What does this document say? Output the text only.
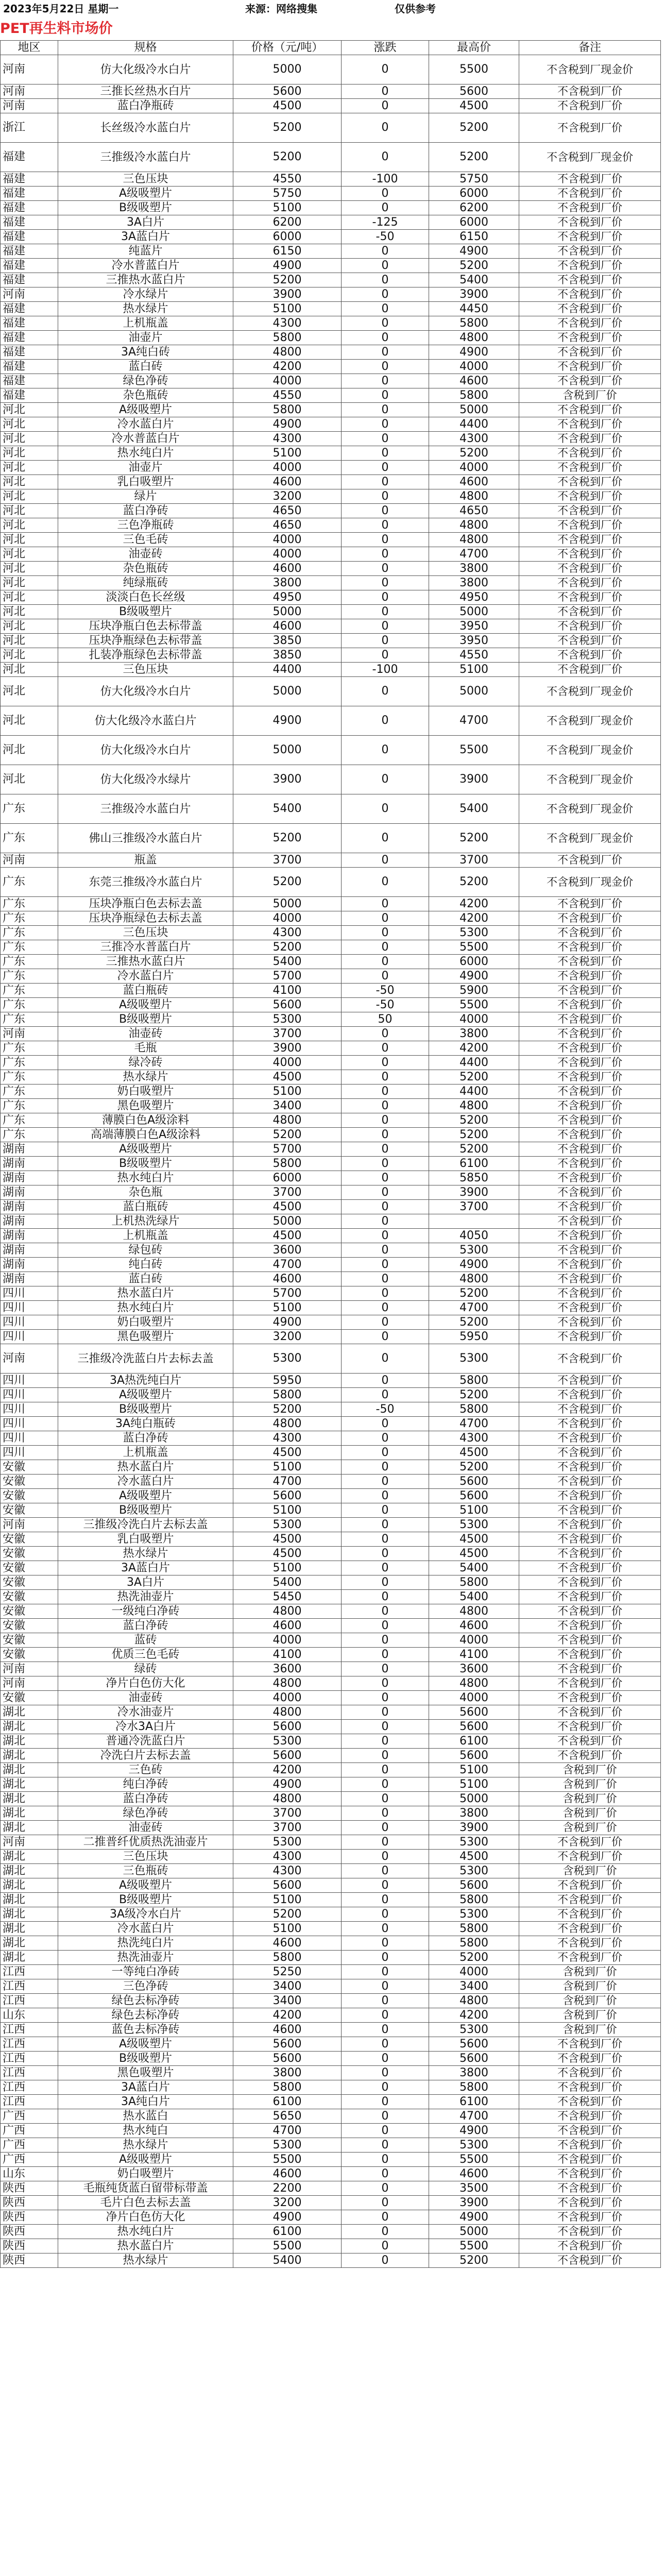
2023年5月22日 星期一	来源：网络搜集	仅供参考
PET再生料市场价
地区	规格	价格（元/吨）	涨跌	最高价	备注
河南	仿大化级冷水白片	5000	0	5500	不含税到厂现金价
河南	三推长丝热水白片	5600	0	5600	不含税到厂价
河南	蓝白净瓶砖	4500	0	4500	不含税到厂价
浙江	长丝级冷水蓝白片	5200	0	5200	不含税到厂价
福建	三推级冷水蓝白片	5200	0	5200	不含税到厂现金价
福建	三色压块	4550	-100	5750	不含税到厂价
福建	A级吸塑片	5750	0	6000	不含税到厂价
福建	B级吸塑片	5100	0	6200	不含税到厂价
福建	3A白片	6200	-125	6000	不含税到厂价
福建	3A蓝白片	6000	-50	6150	不含税到厂价
福建	纯蓝片	6150	0	4900	不含税到厂价
福建	冷水普蓝白片	4900	0	5200	不含税到厂价
福建	三推热水蓝白片	5200	0	5400	不含税到厂价
河南	冷水绿片	3900	0	3900	不含税到厂价
福建	热水绿片	5100	0	4450	不含税到厂价
福建	上机瓶盖	4300	0	5800	不含税到厂价
福建	油壶片	5800	0	4800	不含税到厂价
福建	3A纯白砖	4800	0	4900	不含税到厂价
福建	蓝白砖	4200	0	4000	不含税到厂价
福建	绿色净砖	4000	0	4600	不含税到厂价
福建	杂色瓶砖	4550	0	5800	含税到厂价
河北	A级吸塑片	5800	0	5000	不含税到厂价
河北	冷水蓝白片	4900	0	4400	不含税到厂价
河北	冷水普蓝白片	4300	0	4300	不含税到厂价
河北	热水纯白片	5100	0	5200	不含税到厂价
河北	油壶片	4000	0	4000	不含税到厂价
河北	乳白吸塑片	4600	0	4600	不含税到厂价
河北	绿片	3200	0	4800	不含税到厂价
河北	蓝白净砖	4650	0	4650	不含税到厂价
河北	三色净瓶砖	4650	0	4800	不含税到厂价
河北	三色毛砖	4000	0	4800	不含税到厂价
河北	油壶砖	4000	0	4700	不含税到厂价
河北	杂色瓶砖	4600	0	3800	不含税到厂价
河北	纯绿瓶砖	3800	0	3800	不含税到厂价
河北	淡淡白色长丝级	4950	0	4950	不含税到厂价
河北	B级吸塑片	5000	0	5000	不含税到厂价
河北	压块净瓶白色去标带盖	4600	0	3950	不含税到厂价
河北	压块净瓶绿色去标带盖	3850	0	3950	不含税到厂价
河北	扎装净瓶绿色去标带盖	3850	0	4550	不含税到厂价
河北	三色压块	4400	-100	5100	不含税到厂价
河北	仿大化级冷水白片	5000	0	5000	不含税到厂现金价
河北	仿大化级冷水蓝白片	4900	0	4700	不含税到厂现金价
河北	仿大化级冷水白片	5000	0	5500	不含税到厂现金价
河北	仿大化级冷水绿片	3900	0	3900	不含税到厂现金价
广东	三推级冷水蓝白片	5400	0	5400	不含税到厂现金价
广东	佛山三推级冷水蓝白片	5200	0	5200	不含税到厂现金价
河南	瓶盖	3700	0	3700	不含税到厂价
广东	东莞三推级冷水蓝白片	5200	0	5200	不含税到厂现金价
广东	压块净瓶白色去标去盖	5000	0	4200	不含税到厂价
广东	压块净瓶绿色去标去盖	4000	0	4200	不含税到厂价
广东	三色压块	4300	0	5300	不含税到厂价
广东	三推冷水普蓝白片	5200	0	5500	不含税到厂价
广东	三推热水蓝白片	5400	0	6000	不含税到厂价
广东	冷水蓝白片	5700	0	4900	不含税到厂价
广东	蓝白瓶砖	4100	-50	5900	不含税到厂价
广东	A级吸塑片	5600	-50	5500	不含税到厂价
广东	B级吸塑片	5300	50	4000	不含税到厂价
河南	油壶砖	3700	0	3800	不含税到厂价
广东	毛瓶	3900	0	4200	不含税到厂价
广东	绿冷砖	4000	0	4400	不含税到厂价
广东	热水绿片	4500	0	5200	不含税到厂价
广东	奶白吸塑片	5100	0	4400	不含税到厂价
广东	黑色吸塑片	3400	0	4800	不含税到厂价
广东	薄膜白色A级涂料	4800	0	5200	不含税到厂价
广东	高端薄膜白色A级涂料	5200	0	5200	不含税到厂价
湖南	A级吸塑片	5700	0	5200	不含税到厂价
湖南	B级吸塑片	5800	0	6100	不含税到厂价
湖南	热水纯白片	6000	0	5850	不含税到厂价
湖南	杂色瓶	3700	0	3900	不含税到厂价
湖南	蓝白瓶砖	4500	0	3700	不含税到厂价
湖南	上机热洗绿片	5000	0		不含税到厂价
湖南	上机瓶盖	4500	0	4050	不含税到厂价
湖南	绿包砖	3600	0	5300	不含税到厂价
湖南	纯白砖	4700	0	4900	不含税到厂价
湖南	蓝白砖	4600	0	4800	不含税到厂价
四川	热水蓝白片	5700	0	5200	不含税到厂价
四川	热水纯白片	5100	0	4700	不含税到厂价
四川	奶白吸塑片	4900	0	5200	不含税到厂价
四川	黑色吸塑片	3200	0	5950	不含税到厂价
河南	三推级冷洗蓝白片去标去盖	5300	0	5300	不含税到厂价
四川	3A热洗纯白片	5950	0	5800	不含税到厂价
四川	A级吸塑片	5800	0	5200	不含税到厂价
四川	B级吸塑片	5200	-50	5800	不含税到厂价
四川	3A纯白瓶砖	4800	0	4700	不含税到厂价
四川	蓝白净砖	4300	0	4300	不含税到厂价
四川	上机瓶盖	4500	0	4500	不含税到厂价
安徽	热水蓝白片	5100	0	5200	不含税到厂价
安徽	冷水蓝白片	4700	0	5600	不含税到厂价
安徽	A级吸塑片	5600	0	5600	不含税到厂价
安徽	B级吸塑片	5100	0	5100	不含税到厂价
河南	三推级冷洗白片去标去盖	5300	0	5300	不含税到厂价
安徽	乳白吸塑片	4500	0	4500	不含税到厂价
安徽	热水绿片	4500	0	4500	不含税到厂价
安徽	3A蓝白片	5100	0	5400	不含税到厂价
安徽	3A白片	5400	0	5800	不含税到厂价
安徽	热洗油壶片	5450	0	5400	不含税到厂价
安徽	一级纯白净砖	4800	0	4800	不含税到厂价
安徽	蓝白净砖	4600	0	4600	不含税到厂价
安徽	蓝砖	4000	0	4000	不含税到厂价
安徽	优质三色毛砖	4100	0	4100	不含税到厂价
河南	绿砖	3600	0	3600	不含税到厂价
河南	净片白色仿大化	4800	0	4800	不含税到厂价
安徽	油壶砖	4000	0	4000	不含税到厂价
湖北	冷水油壶片	4800	0	5600	不含税到厂价
湖北	冷水3A白片	5600	0	5600	不含税到厂价
湖北	普通冷洗蓝白片	5300	0	6100	不含税到厂价
湖北	冷洗白片去标去盖	5600	0	5600	不含税到厂价
湖北	三色砖	4200	0	5100	含税到厂价
湖北	纯白净砖	4900	0	5100	含税到厂价
湖北	蓝白净砖	4800	0	5000	含税到厂价
湖北	绿色净砖	3700	0	3800	含税到厂价
湖北	油壶砖	3700	0	3900	含税到厂价
河南	二推普纤优质热洗油壶片	5300	0	5300	不含税到厂价
湖北	三色压块	4300	0	4500	不含税到厂价
湖北	三色瓶砖	4300	0	5300	含税到厂价
湖北	A级吸塑片	5600	0	5600	不含税到厂价
湖北	B级吸塑片	5100	0	5800	不含税到厂价
湖北	3A级冷水白片	5200	0	5300	不含税到厂价
湖北	冷水蓝白片	5100	0	5800	不含税到厂价
湖北	热洗纯白片	4600	0	5800	不含税到厂价
湖北	热洗油壶片	5800	0	5200	不含税到厂价
江西	一等纯白净砖	5250	0	4000	含税到厂价
江西	三色净砖	3400	0	3400	含税到厂价
江西	绿色去标净砖	3400	0	4800	含税到厂价
山东	绿色去标净砖	4200	0	4200	含税到厂价
江西	蓝色去标净砖	4600	0	5300	含税到厂价
江西	A级吸塑片	5600	0	5600	不含税到厂价
江西	B级吸塑片	5600	0	5600	不含税到厂价
江西	黑色吸塑片	3800	0	3800	不含税到厂价
江西	3A蓝白片	5800	0	5800	不含税到厂价
江西	3A纯白片	6100	0	6100	不含税到厂价
广西	热水蓝白	5650	0	4700	不含税到厂价
广西	热水纯白	4700	0	4900	不含税到厂价
广西	热水绿片	5300	0	5300	不含税到厂价
广西	A级吸塑片	5500	0	5500	不含税到厂价
山东	奶白吸塑片	4600	0	4600	不含税到厂价
陕西	毛瓶纯货蓝白留带标带盖	2200	0	3500	不含税到厂价
陕西	毛片白色去标去盖	3200	0	3900	不含税到厂价
陕西	净片白色仿大化	4900	0	4900	不含税到厂价
陕西	热水纯白片	6100	0	5000	不含税到厂价
陕西	热水蓝白片	5500	0	5500	不含税到厂价
陕西	热水绿片	5400	0	5200	不含税到厂价
